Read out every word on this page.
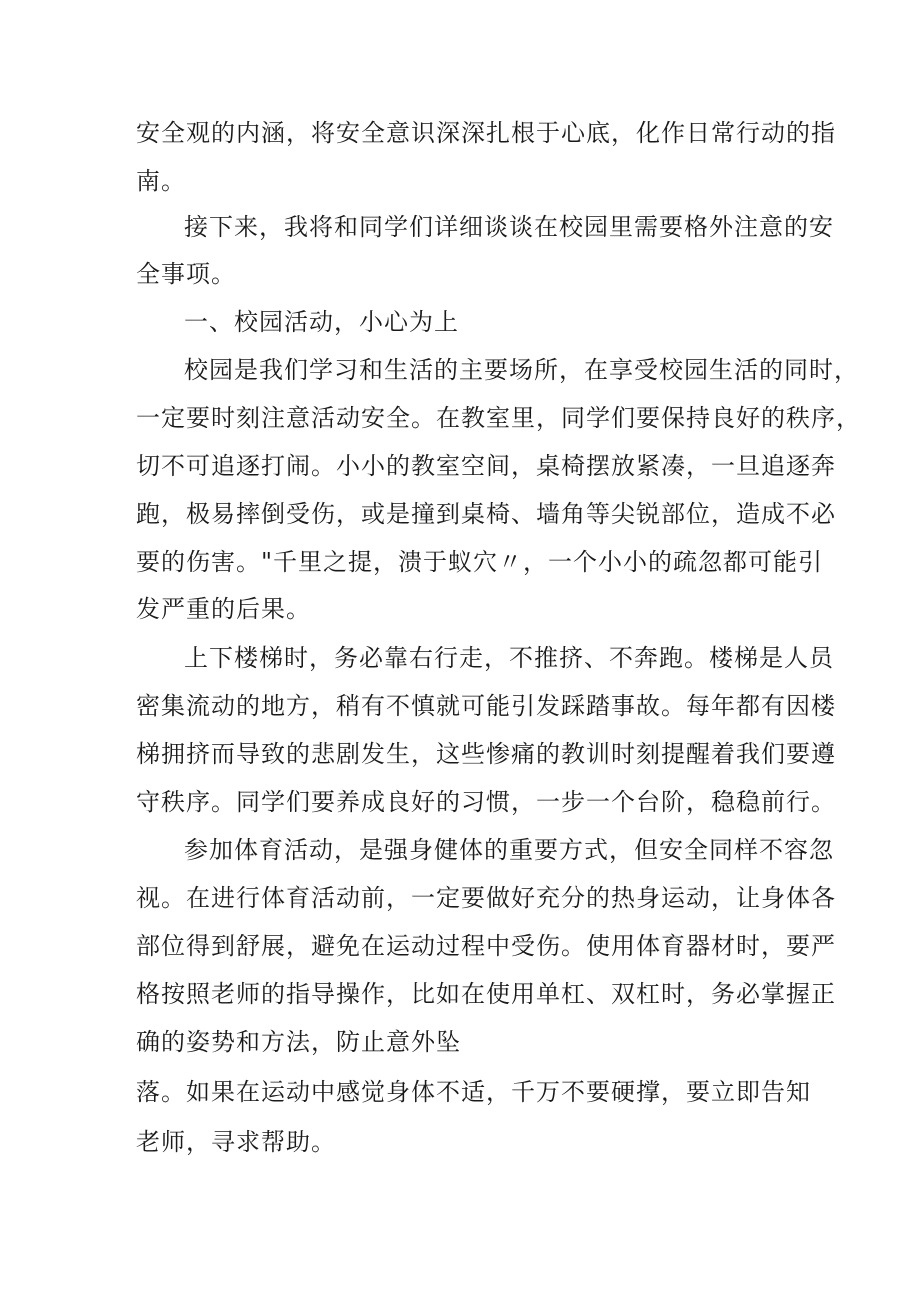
安全观的内涵，将安全意识深深扎根于心底，化作日常行动的指
南。
接下来，我将和同学们详细谈谈在校园里需要格外注意的安
全事项。
一、校园活动，小心为上
校园是我们学习和生活的主要场所，在享受校园生活的同时，
一定要时刻注意活动安全。在教室里，同学们要保持良好的秩序，
切不可追逐打闹。小小的教室空间，桌椅摆放紧凑，一旦追逐奔
跑，极易摔倒受伤，或是撞到桌椅、墙角等尖锐部位，造成不必
要的伤害。"千里之提，溃于蚁穴〃，一个小小的疏忽都可能引
发严重的后果。
上下楼梯时，务必靠右行走，不推挤、不奔跑。楼梯是人员
密集流动的地方，稍有不慎就可能引发踩踏事故。每年都有因楼
梯拥挤而导致的悲剧发生，这些惨痛的教训时刻提醒着我们要遵
守秩序。同学们要养成良好的习惯，一步一个台阶，稳稳前行。
参加体育活动，是强身健体的重要方式，但安全同样不容忽
视。在进行体育活动前，一定要做好充分的热身运动，让身体各
部位得到舒展，避免在运动过程中受伤。使用体育器材时，要严
格按照老师的指导操作，比如在使用单杠、双杠时，务必掌握正
确的姿势和方法，防止意外坠
落。如果在运动中感觉身体不适，千万不要硬撑，要立即告知
老师，寻求帮助。
